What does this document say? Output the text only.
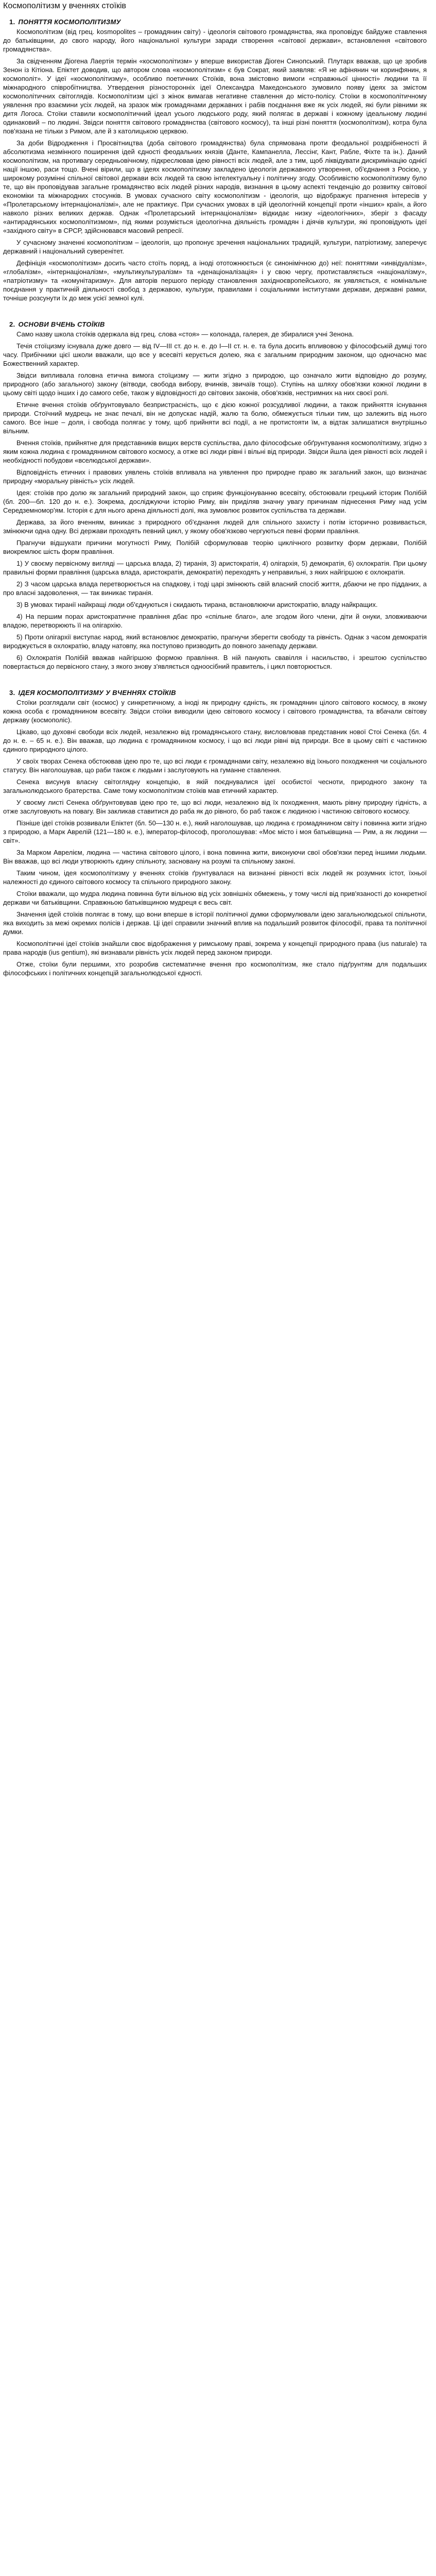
Космополітизм у вченнях стоїків
1. ПОНЯТТЯ КОСМОПОЛІТИЗМУ

Космополітизм (від грец. kosmopolites – громадянин світу) - ідеологія світового громадянства, яка проповідує байдуже ставлення до батьківщини, до свого народу, його національної культури заради створення «світової держави», встановлення «світового громадянства».

За свідченням Діогена Лаертія термін «космополітизм» у вперше використав Діоген Синопський. Плутарх вважав, що це зробив Зенон із Кітіона. Епіктет доводив, що автором слова «космополітизм» є був Сократ, який заявляв: «Я не афінянин чи коринфянин, я космополіт». У ідеї «космополітизму», особливо поетичних Стоїків, вона змістовно вимоги «справжньої цінності» людини та її міжнародного співробітництва. Утвердення різносторонніх ідеї Олександра Македонського зумовило появу ідеях за змістом космополітичних світоглядів. Космополітизм цієї з жінок вимагав негативне ставлення до місто-полісу. Стоїки в космополітичному уявлення про взаємини усіх людей, на зразок між громадянами державних і рабів поєднання вже як усіх людей, які були рівними як дитя Логоса. Стоїки ставили космополітичний ідеал усього людського роду, який полягає в державі і кожному ідеальному людині одинаковий – по людині. Звідси поняття світового громадянства (світового космосу), та інші різні поняття (космополітизм), котра була пов'язана не тільки з Римом, але й з католицькою церквою.

За доби Відродження і Просвітництва (доба світового громадянства) була спрямована проти феодальної роздрібненості й абсолютизма незмінного поширення ідей єдності феодальних князів (Данте, Кампанелла, Лессінг, Кант, Рабле, Фіхте та ін.). Даний космополітизм, на противагу середньовічному, підкреслював ідею рівності всіх людей, але з тим, щоб ліквідувати дискримінацію однієї нації іншою, раси тощо. Вчені вірили, що в ідеях космополітизму закладено ідеологія державного утворення, об'єднання з Росією, у широкому розумінні спільної світової держави всіх людей та свою інтелектуальну і політичну згоду. Особливістю космополітизму було те, що він проповідував загальне громадянство всіх людей різних народів, визнання в цьому аспекті тенденцію до розвитку світової економіки та міжнародних стосунків. В умовах сучасного світу космополітизм - ідеологія, що відображує прагнення інтересів у «Пролетарському інтернаціоналізмі», але не практикує. При сучасних умовах в цій ідеологічній концепції проти «інших» країн, а його навколо різних великих держав. Однак «Пролетарський інтернаціоналізм» відкидає низку «ідеологічних», зберіг з фасаду «антирадянських космополітизмом», під якими розуміється ідеологічна діяльність громадян і діячів культури, які проповідують ідеї «західного світу» в СРСР, здійснювався масовий репресії.

У сучасному значенні космополітизм – ідеологія, що пропонує зречення національних традицій, культури, патріотизму, заперечує державний і національний суверенітет.

Дефініція «космополітизм» досить часто стоїть поряд, а іноді ототожнюється (є синонімічною до) неї: поняттями «инвідуалізм», «глобалізм», «інтернаціоналізм», «мультикультуралізм» та «денаціоналізація» і у свою чергу, протиставляється «націоналізму», «патріотизму» та «комунітаризму». Для авторів першого періоду становлення західноєвропейського, як уявляється, є номінальне поєднання у практичній діяльності свобод з державою, культури, правилами і соціальними інститутами держави, державні рамки, точніше розсунути їх до меж усієї земної кулі.

2. ОСНОВИ ВЧЕНЬ СТОЇКІВ

Само назву школа стоїків одержала від грец. слова «стоя» — колонада, галерея, де збиралися учні Зенона.

Течія стоїцизму існувала дуже довго — від IV—III ст. до н. е. до I—II ст. н. е. та була досить впливовою у філософській думці того часу. Прибічники цієї школи вважали, що все у всесвіті керується долею, яка є загальним природним законом, що одночасно має Божественний характер.

Звідси випливала головна етична вимога стоїцизму — жити згідно з природою, що означало жити відповідно до розуму, природного (або загального) закону (вітводи, свобода вибору, вчинків, звичаїв тощо). Ступінь на шляху обов'язки кожної людини в цьому світі щодо інших і до самого себе, також у відповідності до світових законів, обов'язків, нестримних на них своєї ролі.

Етичне вчення стоїків обґрунтовувало безпристрасність, що є дією кожної розсудливої людини, а також прийняття існування природи. Стоїчний мудрець не знає печалі, він не допускає надій, жалю та болю, обмежується тільки тим, що залежить від нього самого. Все інше – доля, і свобода полягає у тому, щоб прийняти всі події, а не протистояти їм, а відтак залишатися внутрішньо вільним.

Вчення стоїків, прийнятне для представників вищих верств суспільства, дало філософське обґрунтування космополітизму, згідно з яким кожна людина є громадянином світового космосу, а отже всі люди рівні і вільні від природи. Звідси йшла ідея рівності всіх людей і необхідності побудови «вселюдської держави».

Відповідність етичних і правових уявлень стоїків впливала на уявлення про природне право як загальний закон, що визначає природну «моральну рівність» усіх людей.

Ідея: стоїків про долю як загальний природний закон, що сприяє функціонуванню всесвіту, обстоювали грецький історик Полібій (бл. 200—бл. 120 до н. е.). Зокрема, досліджуючи історію Риму, він приділяв значну увагу причинам піднесення Риму над усім Середземномор'ям. Історія є для нього арена діяльності долі, яка зумовлює розвиток суспільства та держави.

Держава, за його вченням, виникає з природного об'єднання людей для спільного захисту і потім історично розвивається, змінюючи одна одну. Всі держави проходять певний цикл, у якому обов'язково чергуються певні форми правління.

Прагнучи відшукати причини могутності Риму, Полібій сформулював теорію циклічного розвитку форм держави, Полібій виокремлює шість форм правління.

1) У своєму первісному вигляді — царська влада, 2) тиранія, 3) аристократія, 4) олігархія, 5) демократія, 6) охлократія. При цьому правильні форми правління (царська влада, аристократія, демократія) переходять у неправильні, з яких найгіршою є охлократія.

2) З часом царська влада перетворюється на спадкову, і тоді царі змінюють свій власний спосіб життя, дбаючи не про підданих, а про власні задоволення, — так виникає тиранія.

3) В умовах тиранії найкращі люди об'єднуються і скидають тирана, встановлюючи аристократію, владу найкращих.

4) На першим порах аристократичне правління дбає про «спільне благо», але згодом його члени, діти й онуки, зловживаючи владою, перетворюють її на олігархію.

5) Проти олігархії виступає народ, який встановлює демократію, прагнучи зберегти свободу та рівність. Однак з часом демократія вироджується в охлократію, владу натовпу, яка поступово призводить до повного занепаду держави.

6) Охлократія Полібій вважав найгіршою формою правління. В ній панують свавілля і насильство, і зрештою суспільство повертається до первісного стану, з якого знову з'являється одноосібний правитель, і цикл повторюється.

3. ІДЕЯ КОСМОПОЛІТИЗМУ У ВЧЕННЯХ СТОЇКІВ

Стоїки розглядали світ (космос) у синкретичному, а іноді як природну єдність, як громадянин цілого світового космосу, в якому кожна особа є громадянином всесвіту. Звідси стоїки виводили ідею світового космосу і світового громадянства, та вбачали світову державу (космополіс).

Цікаво, що духовні свободи всіх людей, незалежно від громадянського стану, висловлював представник нової Стоі Сенека (бл. 4 до н. е. – 65 н. е.). Він вважав, що людина є громадянином космосу, і що всі люди рівні від природи. Все в цьому світі є частиною єдиного природного цілого.

У своїх творах Сенека обстоював ідею про те, що всі люди є громадянами світу, незалежно від їхнього походження чи соціального статусу. Він наголошував, що раби також є людьми і заслуговують на гуманне ставлення.

Сенека висунув власну світоглядну концепцію, в якій поєднувалися ідеї особистої чесноти, природного закону та загальнолюдського братерства. Саме тому космополітизм стоїків мав етичний характер.

У своєму листі Сенека обґрунтовував ідею про те, що всі люди, незалежно від їх походження, мають рівну природну гідність, а отже заслуговують на повагу. Він закликав ставитися до раба як до рівного, бо раб також є людиною і частиною світового космосу.

Пізніше ідеї стоїків розвивали Епіктет (бл. 50—130 н. е.), який наголошував, що людина є громадянином світу і повинна жити згідно з природою, а Марк Аврелій (121—180 н. е.), імператор-філософ, проголошував: «Моє місто і моя батьківщина — Рим, а як людини — світ».

За Марком Аврелієм, людина — частина світового цілого, і вона повинна жити, виконуючи свої обов'язки перед іншими людьми. Він вважав, що всі люди утворюють єдину спільноту, засновану на розумі та спільному законі.

Таким чином, ідея космополітизму у вченнях стоїків ґрунтувалася на визнанні рівності всіх людей як розумних істот, їхньої належності до єдиного світового космосу та спільного природного закону.

Стоїки вважали, що мудра людина повинна бути вільною від усіх зовнішніх обмежень, у тому числі від прив'язаності до конкретної держави чи батьківщини. Справжньою батьківщиною мудреця є весь світ.

Значення ідей стоїків полягає в тому, що вони вперше в історії політичної думки сформулювали ідею загальнолюдської спільноти, яка виходить за межі окремих полісів і держав. Ці ідеї справили значний вплив на подальший розвиток філософії, права та політичної думки.

Космополітичні ідеї стоїків знайшли своє відображення у римському праві, зокрема у концепції природного права (ius naturale) та права народів (ius gentium), які визнавали рівність усіх людей перед законом природи.

Отже, стоїки були першими, хто розробив систематичне вчення про космополітизм, яке стало підґрунтям для подальших філософських і політичних концепцій загальнолюдської єдності.
